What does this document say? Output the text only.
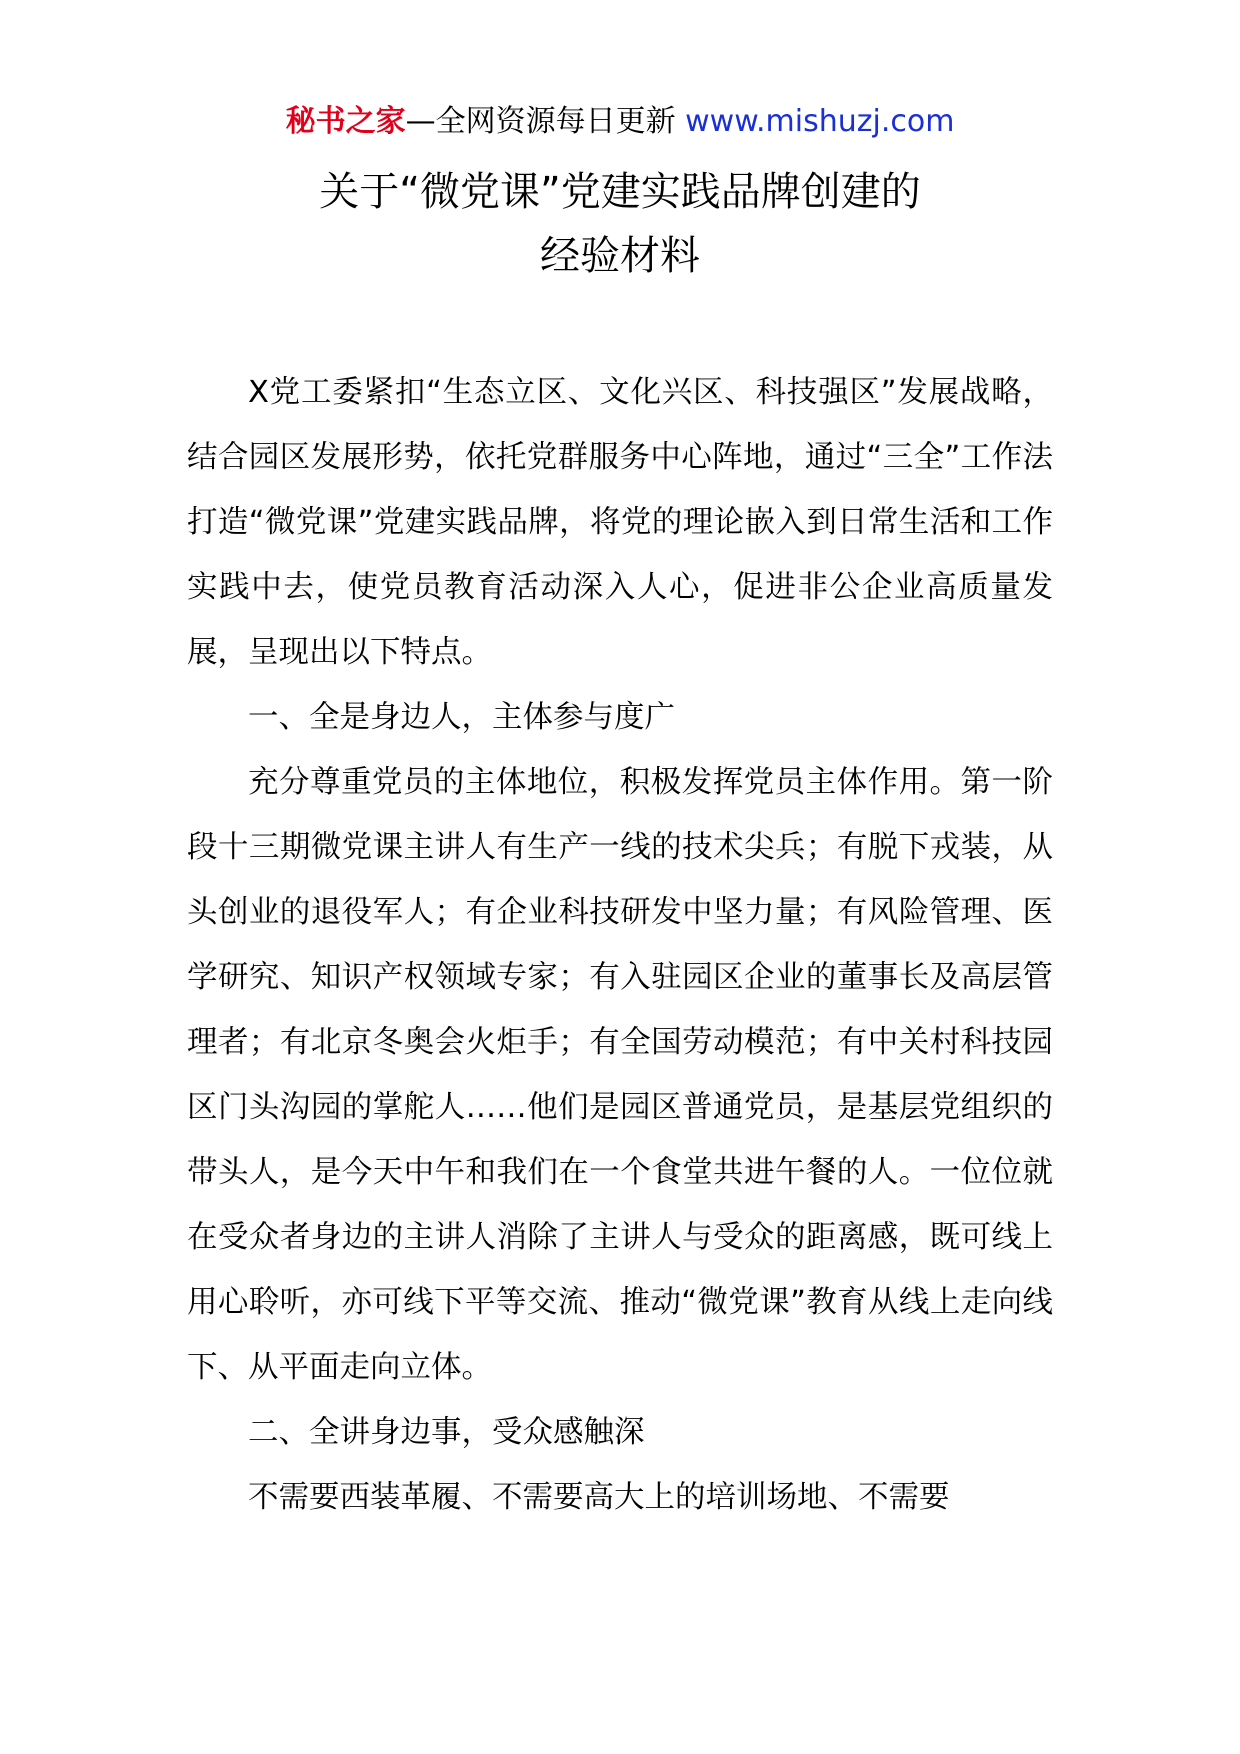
秘书之家—全网资源每日更新 www.mishuzj.com
关于“微党课”党建实践品牌创建的
经验材料

X党工委紧扣“生态立区、文化兴区、科技强区”发展战略，结合园区发展形势，依托党群服务中心阵地，通过“三全”工作法打造“微党课”党建实践品牌，将党的理论嵌入到日常生活和工作实践中去，使党员教育活动深入人心，促进非公企业高质量发展，呈现出以下特点。

一、全是身边人，主体参与度广

充分尊重党员的主体地位，积极发挥党员主体作用。第一阶段十三期微党课主讲人有生产一线的技术尖兵；有脱下戎装，从头创业的退役军人；有企业科技研发中坚力量；有风险管理、医学研究、知识产权领域专家；有入驻园区企业的董事长及高层管理者；有北京冬奥会火炬手；有全国劳动模范；有中关村科技园区门头沟园的掌舵人……他们是园区普通党员，是基层党组织的带头人，是今天中午和我们在一个食堂共进午餐的人。一位位就在受众者身边的主讲人消除了主讲人与受众的距离感，既可线上用心聆听，亦可线下平等交流、推动“微党课”教育从线上走向线下、从平面走向立体。

二、全讲身边事，受众感触深

不需要西装革履、不需要高大上的培训场地、不需要
